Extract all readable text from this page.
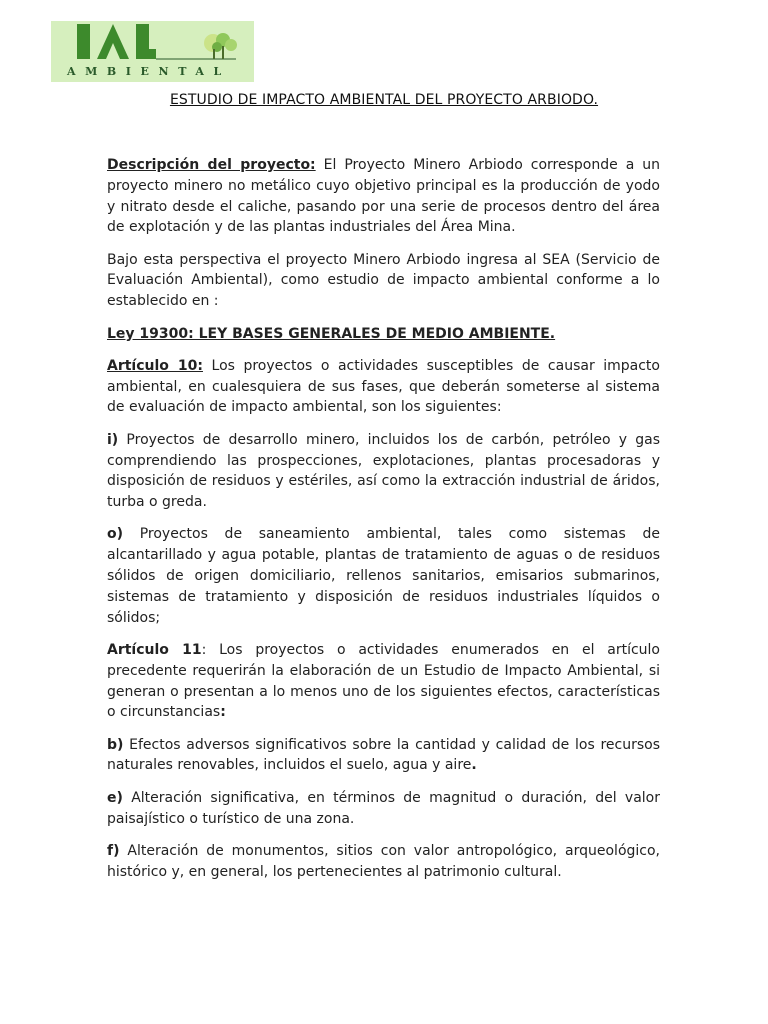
AMBIENTAL
ESTUDIO DE IMPACTO AMBIENTAL DEL PROYECTO ARBIODO.

Descripción del proyecto: El Proyecto Minero Arbiodo corresponde a un proyecto minero no metálico cuyo objetivo principal es la producción de yodo y nitrato desde el caliche, pasando por una serie de procesos dentro del área de explotación y de las plantas industriales del Área Mina.

Bajo esta perspectiva el proyecto Minero Arbiodo ingresa al SEA (Servicio de Evaluación Ambiental), como estudio de impacto ambiental conforme a lo establecido en :

Ley 19300: LEY BASES GENERALES DE MEDIO AMBIENTE.

Artículo 10: Los proyectos o actividades susceptibles de causar impacto ambiental, en cualesquiera de sus fases, que deberán someterse al sistema de evaluación de impacto ambiental, son los siguientes:

i) Proyectos de desarrollo minero, incluidos los de carbón, petróleo y gas comprendiendo las prospecciones, explotaciones, plantas procesadoras y disposición de residuos y estériles, así como la extracción industrial de áridos, turba o greda.

o) Proyectos de saneamiento ambiental, tales como sistemas de alcantarillado y agua potable, plantas de tratamiento de aguas o de residuos sólidos de origen domiciliario, rellenos sanitarios, emisarios submarinos, sistemas de tratamiento y disposición de residuos industriales líquidos o sólidos;

Artículo 11: Los proyectos o actividades enumerados en el artículo precedente requerirán la elaboración de un Estudio de Impacto Ambiental, si generan o presentan a lo menos uno de los siguientes efectos, características o circunstancias:

b) Efectos adversos significativos sobre la cantidad y calidad de los recursos naturales renovables, incluidos el suelo, agua y aire.

e) Alteración significativa, en términos de magnitud o duración, del valor paisajístico o turístico de una zona.

f) Alteración de monumentos, sitios con valor antropológico, arqueológico, histórico y, en general, los pertenecientes al patrimonio cultural.
